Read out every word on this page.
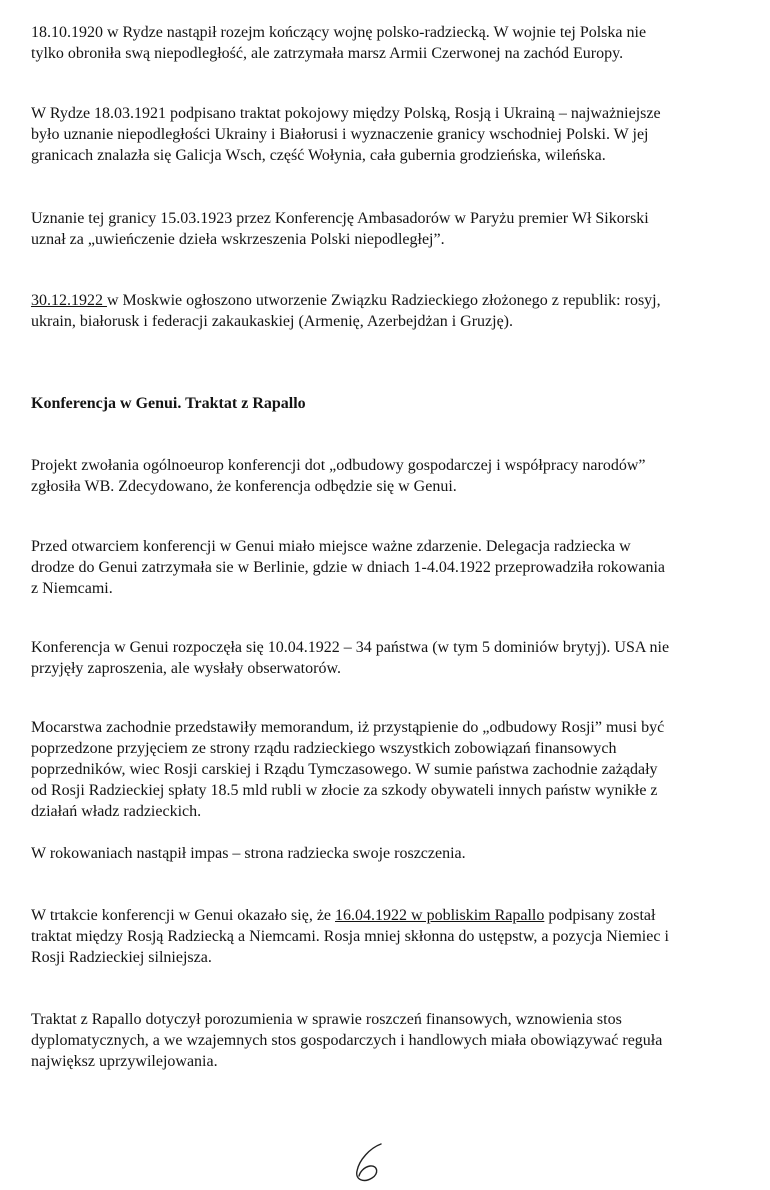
18.10.1920 w Rydze nastąpił rozejm kończący wojnę polsko-radziecką. W wojnie tej Polska nie
tylko obroniła swą niepodległość, ale zatrzymała marsz Armii Czerwonej na zachód Europy.

W Rydze 18.03.1921 podpisano traktat pokojowy między Polską, Rosją i Ukrainą – najważniejsze
było uznanie niepodległości Ukrainy i Białorusi i wyznaczenie granicy wschodniej Polski. W jej
granicach znalazła się Galicja Wsch, część Wołynia, cała gubernia grodzieńska, wileńska.

Uznanie tej granicy 15.03.1923 przez Konferencję Ambasadorów w Paryżu premier Wł Sikorski
uznał za „uwieńczenie dzieła wskrzeszenia Polski niepodległej”.

30.12.1922 w Moskwie ogłoszono utworzenie Związku Radzieckiego złożonego z republik: rosyj,
ukrain, białorusk i federacji zakaukaskiej (Armenię, Azerbejdżan i Gruzję).

Konferencja w Genui. Traktat z Rapallo

Projekt zwołania ogólnoeurop konferencji dot „odbudowy gospodarczej i współpracy narodów”
zgłosiła WB. Zdecydowano, że konferencja odbędzie się w Genui.

Przed otwarciem konferencji w Genui miało miejsce ważne zdarzenie. Delegacja radziecka w
drodze do Genui zatrzymała sie w Berlinie, gdzie w dniach 1-4.04.1922 przeprowadziła rokowania
z Niemcami.

Konferencja w Genui rozpoczęła się 10.04.1922 – 34 państwa (w tym 5 dominiów brytyj). USA nie
przyjęły zaproszenia, ale wysłały obserwatorów.

Mocarstwa zachodnie przedstawiły memorandum, iż przystąpienie do „odbudowy Rosji” musi być
poprzedzone przyjęciem ze strony rządu radzieckiego wszystkich zobowiązań finansowych
poprzedników, wiec Rosji carskiej i Rządu Tymczasowego. W sumie państwa zachodnie zażądały
od Rosji Radzieckiej spłaty 18.5 mld rubli w złocie za szkody obywateli innych państw wynikłe z
działań władz radzieckich.

W rokowaniach nastąpił impas – strona radziecka swoje roszczenia.

W trtakcie konferencji w Genui okazało się, że 16.04.1922 w pobliskim Rapallo podpisany został
traktat między Rosją Radziecką a Niemcami. Rosja mniej skłonna do ustępstw, a pozycja Niemiec i
Rosji Radzieckiej silniejsza.

Traktat z Rapallo dotyczył porozumienia w sprawie roszczeń finansowych, wznowienia stos
dyplomatycznych, a we wzajemnych stos gospodarczych i handlowych miała obowiązywać reguła
największ uprzywilejowania.
